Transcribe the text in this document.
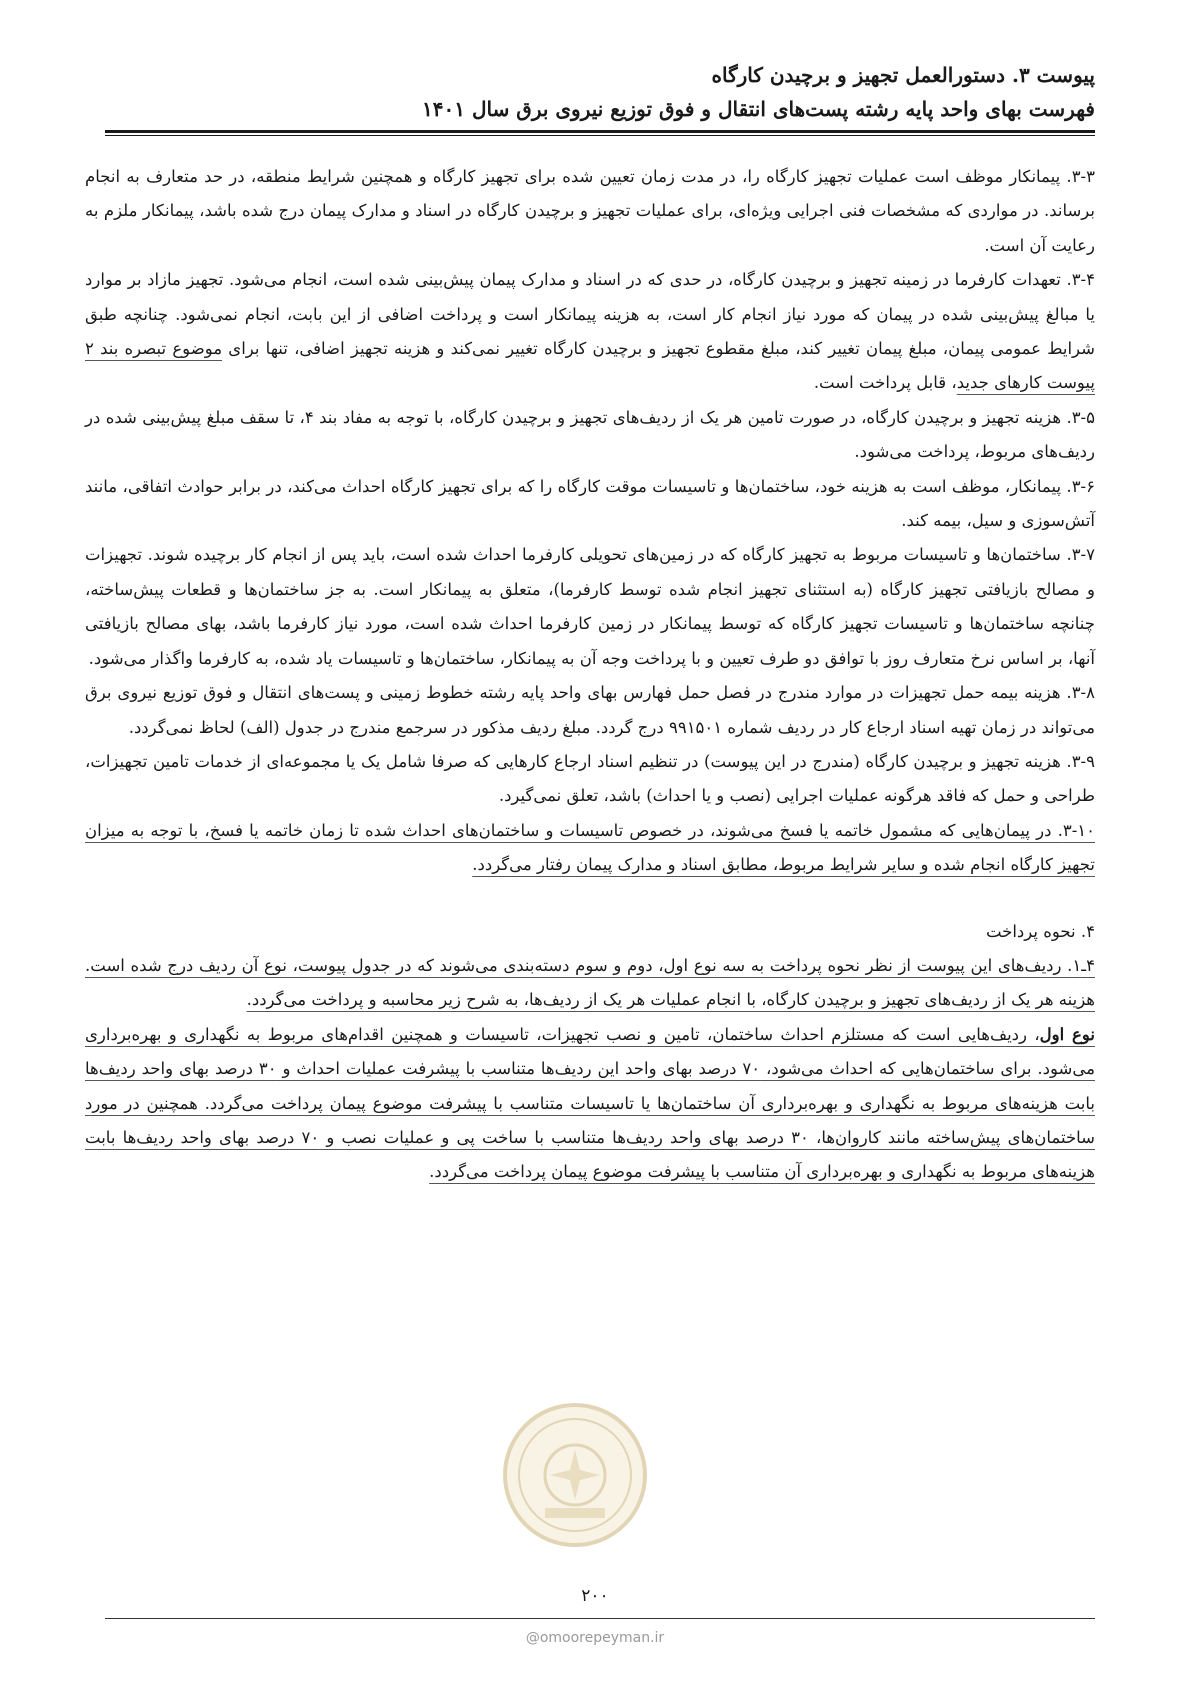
پیوست ۳. دستورالعمل تجهیز و برچیدن کارگاه
فهرست بهای واحد پایه رشته پست‌های انتقال و فوق توزیع نیروی برق سال ۱۴۰۱

۳-۳. پیمانکار موظف است عملیات تجهیز کارگاه را، در مدت زمان تعیین شده برای تجهیز کارگاه و همچنین شرایط منطقه، در حد متعارف به انجام برساند. در مواردی که مشخصات فنی اجرایی ویژه‌ای، برای عملیات تجهیز و برچیدن کارگاه در اسناد و مدارک پیمان درج شده باشد، پیمانکار ملزم به رعایت آن است.

۳-۴. تعهدات کارفرما در زمینه تجهیز و برچیدن کارگاه، در حدی که در اسناد و مدارک پیمان پیش‌بینی شده است، انجام می‌شود. تجهیز مازاد بر موارد یا مبالغ پیش‌بینی شده در پیمان که مورد نیاز انجام کار است، به هزینه پیمانکار است و پرداخت اضافی از این بابت، انجام نمی‌شود. چنانچه طبق شرایط عمومی پیمان، مبلغ پیمان تغییر کند، مبلغ مقطوع تجهیز و برچیدن کارگاه تغییر نمی‌کند و هزینه تجهیز اضافی، تنها برای موضوع تبصره بند ۲ پیوست کارهای جدید، قابل پرداخت است.

۳-۵. هزینه تجهیز و برچیدن کارگاه، در صورت تامین هر یک از ردیف‌های تجهیز و برچیدن کارگاه، با توجه به مفاد بند ۴، تا سقف مبلغ پیش‌بینی شده در ردیف‌های مربوط، پرداخت می‌شود.

۳-۶. پیمانکار، موظف است به هزینه خود، ساختمان‌ها و تاسیسات موقت کارگاه را که برای تجهیز کارگاه احداث می‌کند، در برابر حوادث اتفاقی، مانند آتش‌سوزی و سیل، بیمه کند.

۳-۷. ساختمان‌ها و تاسیسات مربوط به تجهیز کارگاه که در زمین‌های تحویلی کارفرما احداث شده است، باید پس از انجام کار برچیده شوند. تجهیزات و مصالح بازیافتی تجهیز کارگاه (به استثنای تجهیز انجام شده توسط کارفرما)، متعلق به پیمانکار است. به جز ساختمان‌ها و قطعات پیش‌ساخته، چنانچه ساختمان‌ها و تاسیسات تجهیز کارگاه که توسط پیمانکار در زمین کارفرما احداث شده است، مورد نیاز کارفرما باشد، بهای مصالح بازیافتی آنها، بر اساس نرخ متعارف روز با توافق دو طرف تعیین و با پرداخت وجه آن به پیمانکار، ساختمان‌ها و تاسیسات یاد شده، به کارفرما واگذار می‌شود.

۳-۸. هزینه بیمه حمل تجهیزات در موارد مندرج در فصل حمل فهارس بهای واحد پایه رشته خطوط زمینی و پست‌های انتقال و فوق توزیع نیروی برق می‌تواند در زمان تهیه اسناد ارجاع کار در ردیف شماره ۹۹۱۵۰۱ درج گردد. مبلغ ردیف مذکور در سرجمع مندرج در جدول (الف) لحاظ نمی‌گردد.

۳-۹. هزینه تجهیز و برچیدن کارگاه (مندرج در این پیوست) در تنظیم اسناد ارجاع کارهایی که صرفا شامل یک یا مجموعه‌ای از خدمات تامین تجهیزات، طراحی و حمل که فاقد هرگونه عملیات اجرایی (نصب و یا احداث) باشد، تعلق نمی‌گیرد.

۳-۱۰. در پیمان‌هایی که مشمول خاتمه یا فسخ می‌شوند، در خصوص تاسیسات و ساختمان‌های احداث شده تا زمان خاتمه یا فسخ، با توجه به میزان تجهیز کارگاه انجام شده و سایر شرایط مربوط، مطابق اسناد و مدارک پیمان رفتار می‌گردد.

۴. نحوه پرداخت

۴ـ۱. ردیف‌های این پیوست از نظر نحوه پرداخت به سه نوع اول، دوم و سوم دسته‌بندی می‌شوند که در جدول پیوست، نوع آن ردیف درج شده است. هزینه هر یک از ردیف‌های تجهیز و برچیدن کارگاه، با انجام عملیات هر یک از ردیف‌ها، به شرح زیر محاسبه و پرداخت می‌گردد.

نوع اول، ردیف‌هایی است که مستلزم احداث ساختمان، تامین و نصب تجهیزات، تاسیسات و همچنین اقدام‌های مربوط به نگهداری و بهره‌برداری می‌شود. برای ساختمان‌هایی که احداث می‌شود، ۷۰ درصد بهای واحد این ردیف‌ها متناسب با پیشرفت عملیات احداث و ۳۰ درصد بهای واحد ردیف‌ها بابت هزینه‌های مربوط به نگهداری و بهره‌برداری آن ساختمان‌ها یا تاسیسات متناسب با پیشرفت موضوع پیمان پرداخت می‌گردد. همچنین در مورد ساختمان‌های پیش‌ساخته مانند کاروان‌ها، ۳۰ درصد بهای واحد ردیف‌ها متناسب با ساخت پی و عملیات نصب و ۷۰ درصد بهای واحد ردیف‌ها بابت هزینه‌های مربوط به نگهداری و بهره‌برداری آن متناسب با پیشرفت موضوع پیمان پرداخت می‌گردد.

۲۰۰
@omoorepeyman.ir
